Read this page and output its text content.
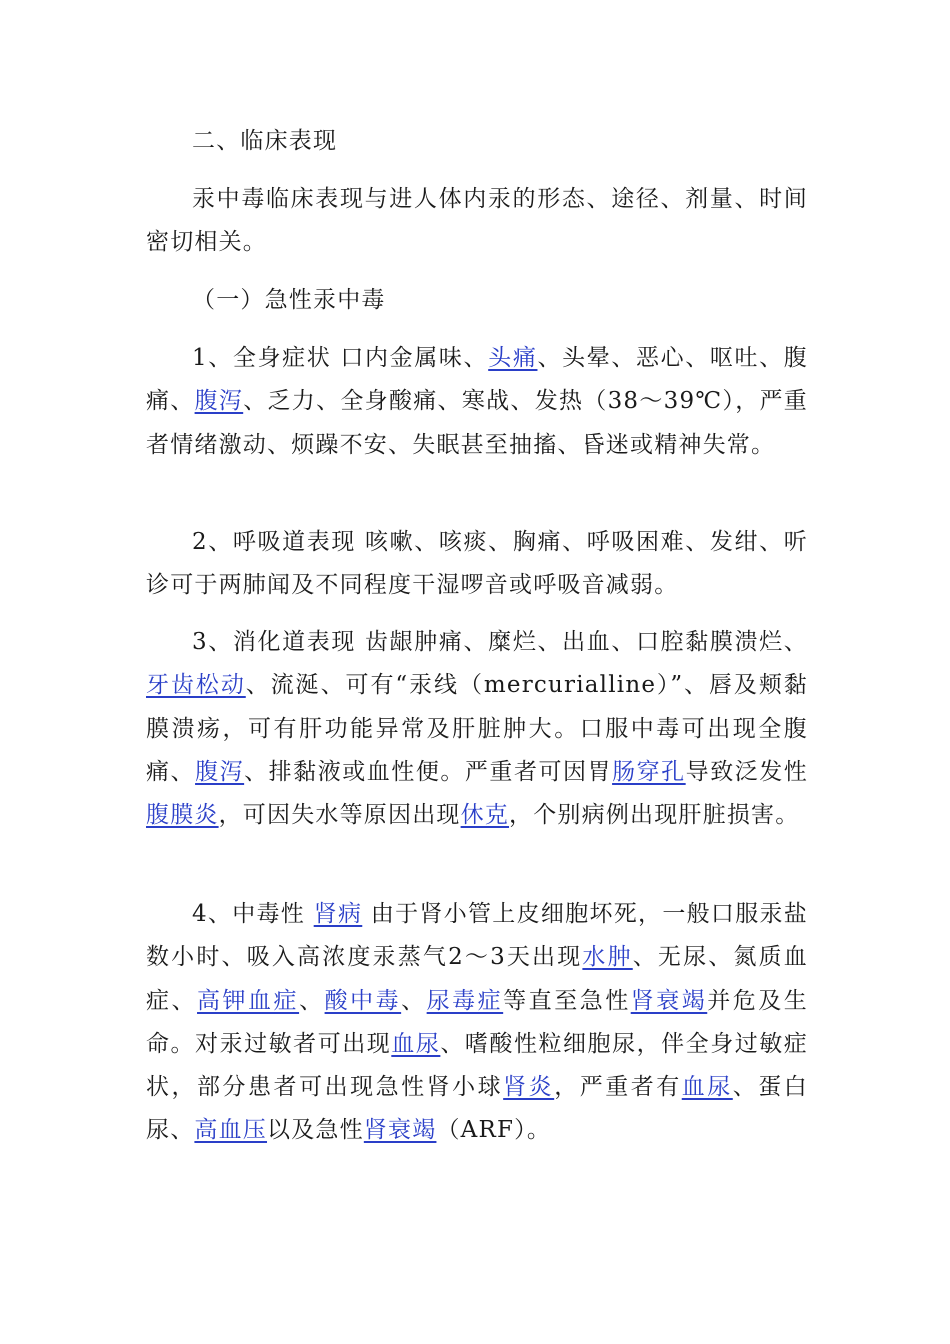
二、临床表现

汞中毒临床表现与进人体内汞的形态、途径、剂量、时间密切相关。

（一）急性汞中毒

1、全身症状 口内金属味、头痛、头晕、恶心、呕吐、腹痛、腹泻、乏力、全身酸痛、寒战、发热（38～39℃），严重者情绪激动、烦躁不安、失眠甚至抽搐、昏迷或精神失常。

2、呼吸道表现 咳嗽、咳痰、胸痛、呼吸困难、发绀、听诊可于两肺闻及不同程度干湿啰音或呼吸音减弱。

3、消化道表现 齿龈肿痛、糜烂、出血、口腔黏膜溃烂、牙齿松动、流涎、可有“汞线（mercurialline）”、唇及颊黏膜溃疡，可有肝功能异常及肝脏肿大。口服中毒可出现全腹痛、腹泻、排黏液或血性便。严重者可因胃肠穿孔导致泛发性腹膜炎，可因失水等原因出现休克，个别病例出现肝脏损害。

4、中毒性 肾病 由于肾小管上皮细胞坏死，一般口服汞盐数小时、吸入高浓度汞蒸气2～3天出现水肿、无尿、氮质血症、高钾血症、酸中毒、尿毒症等直至急性肾衰竭并危及生命。对汞过敏者可出现血尿、嗜酸性粒细胞尿，伴全身过敏症状，部分患者可出现急性肾小球肾炎，严重者有血尿、蛋白尿、高血压以及急性肾衰竭（ARF）。
